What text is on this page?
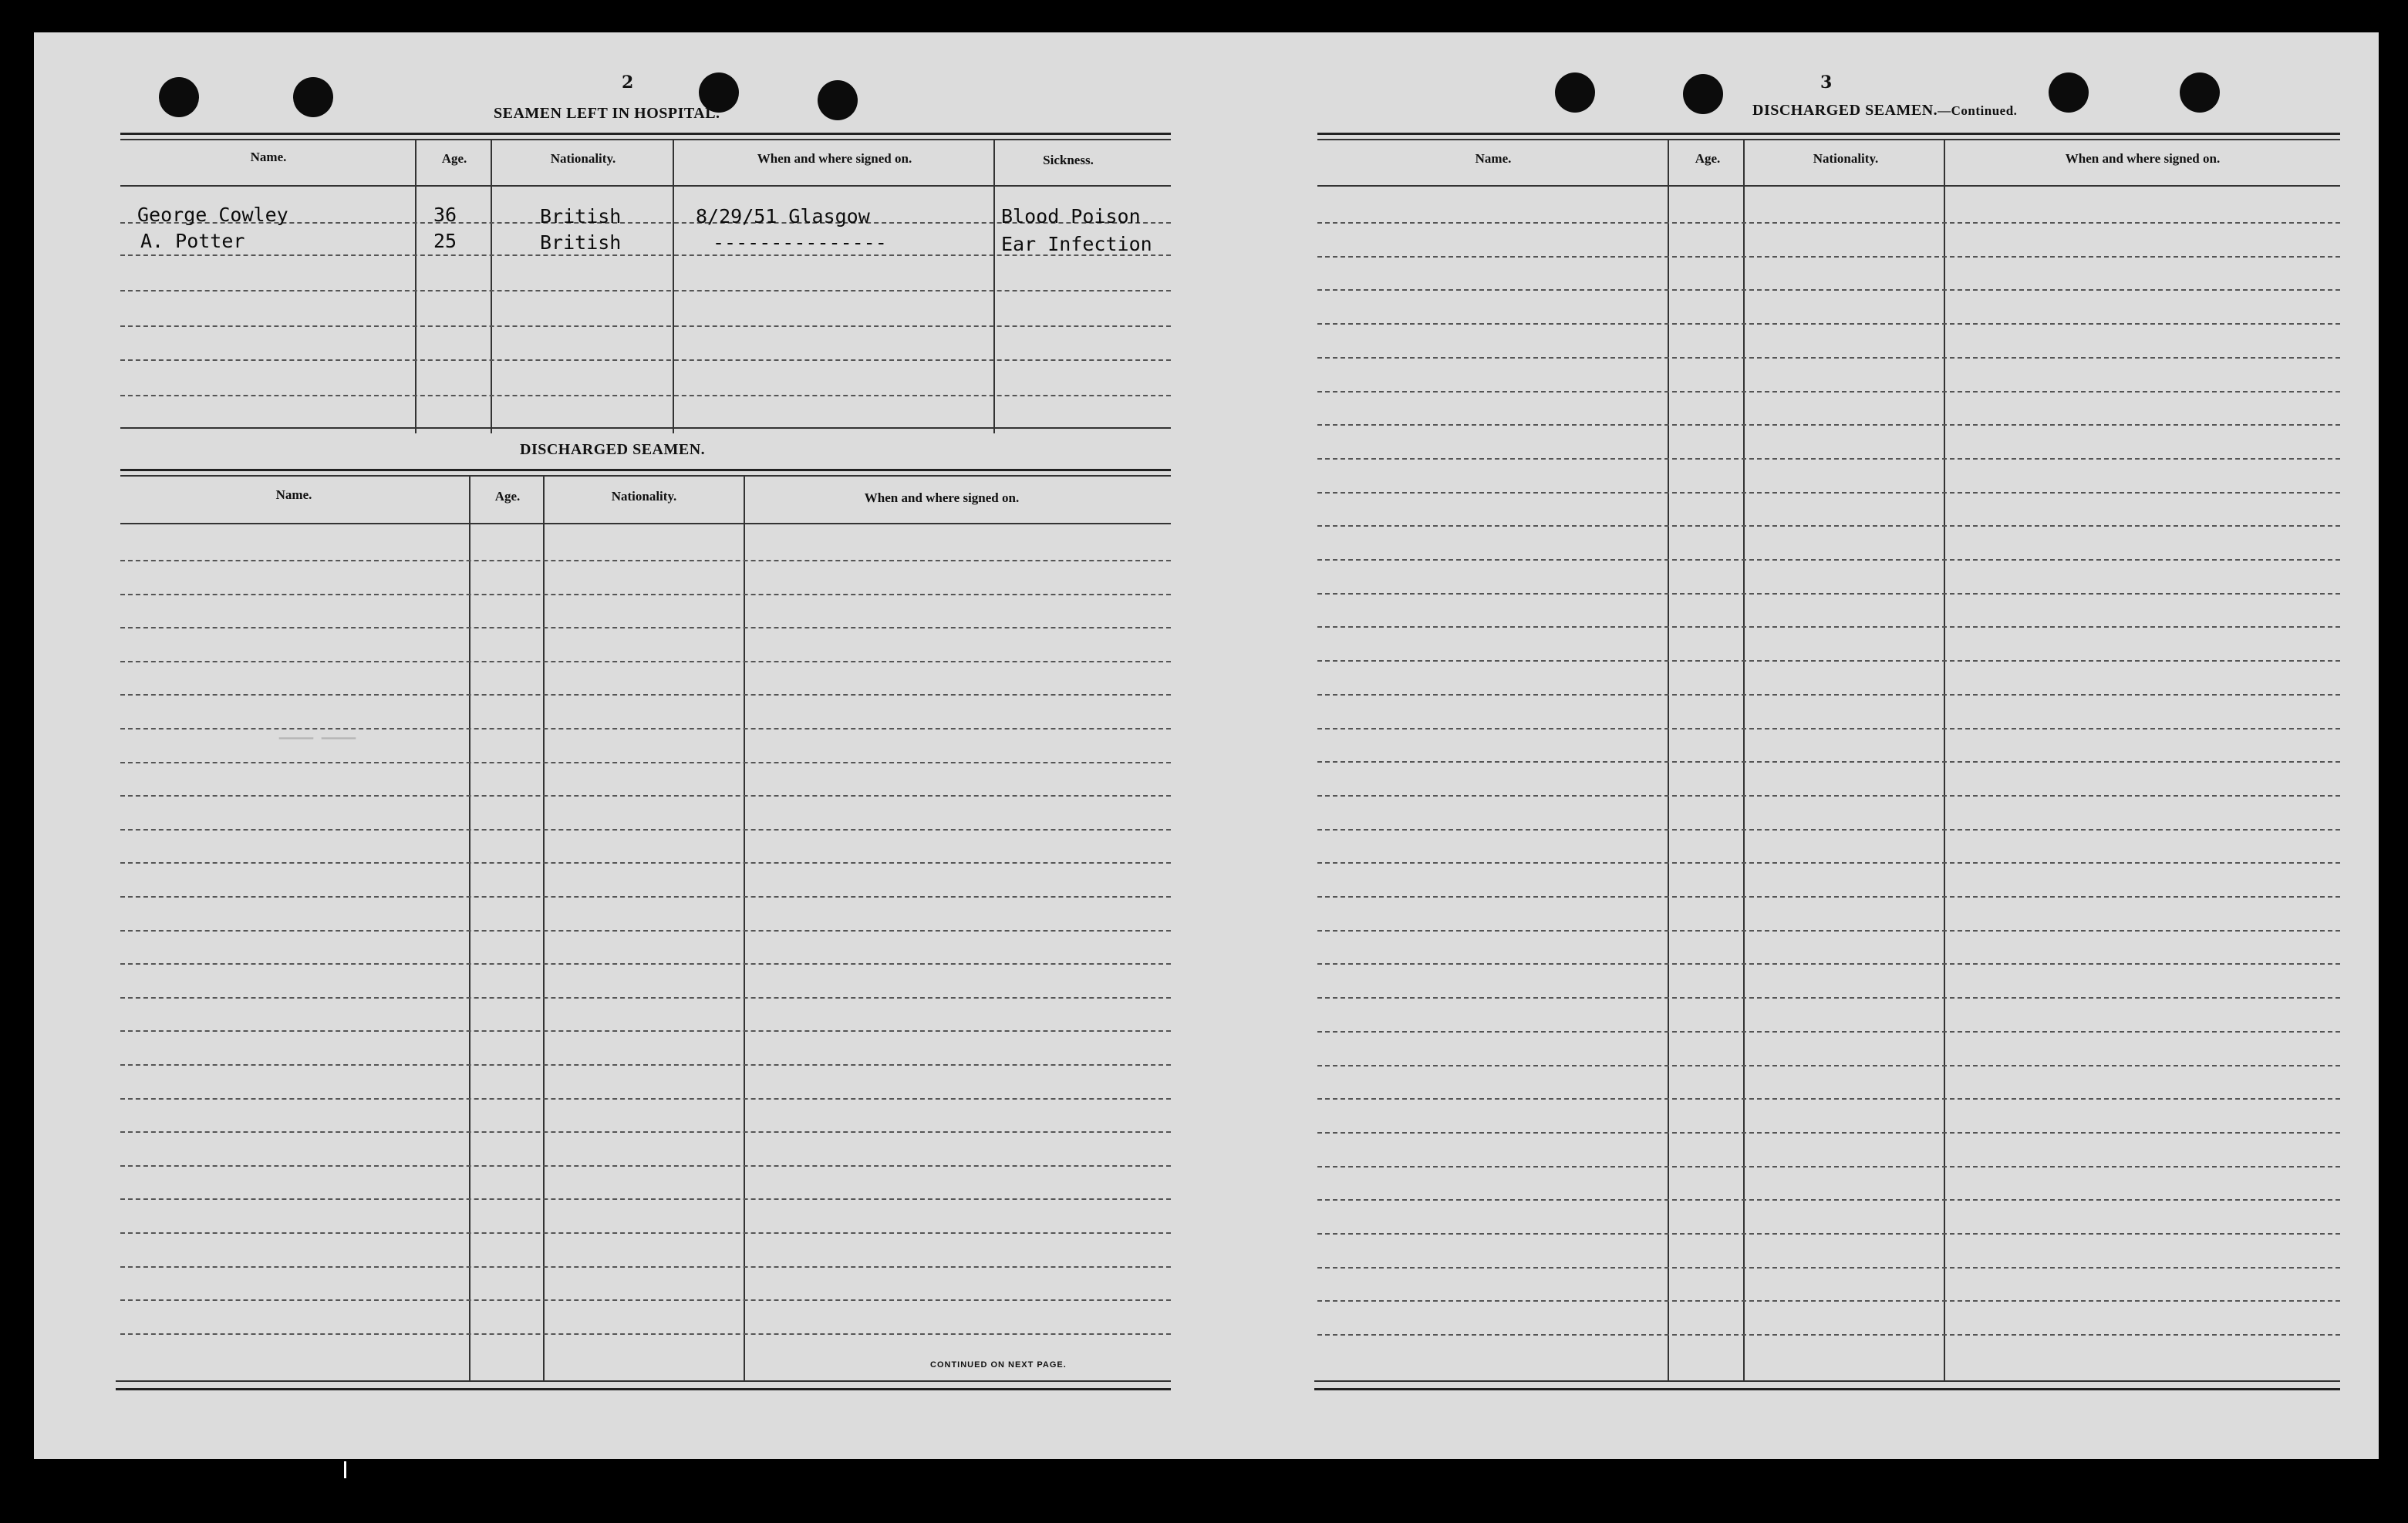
2
SEAMEN LEFT IN HOSPITAL.
Name.	Age.	Nationality.	When and where signed on.	Sickness.
George Cowley	36	British	8/29/51 Glasgow	Blood Poison
A. Potter	25	British	---------------	Ear Infection
DISCHARGED SEAMEN.
Name.	Age.	Nationality.	When and where signed on.
CONTINUED ON NEXT PAGE.
— —
3
DISCHARGED SEAMEN.—Continued.
Name.	Age.	Nationality.	When and where signed on.
